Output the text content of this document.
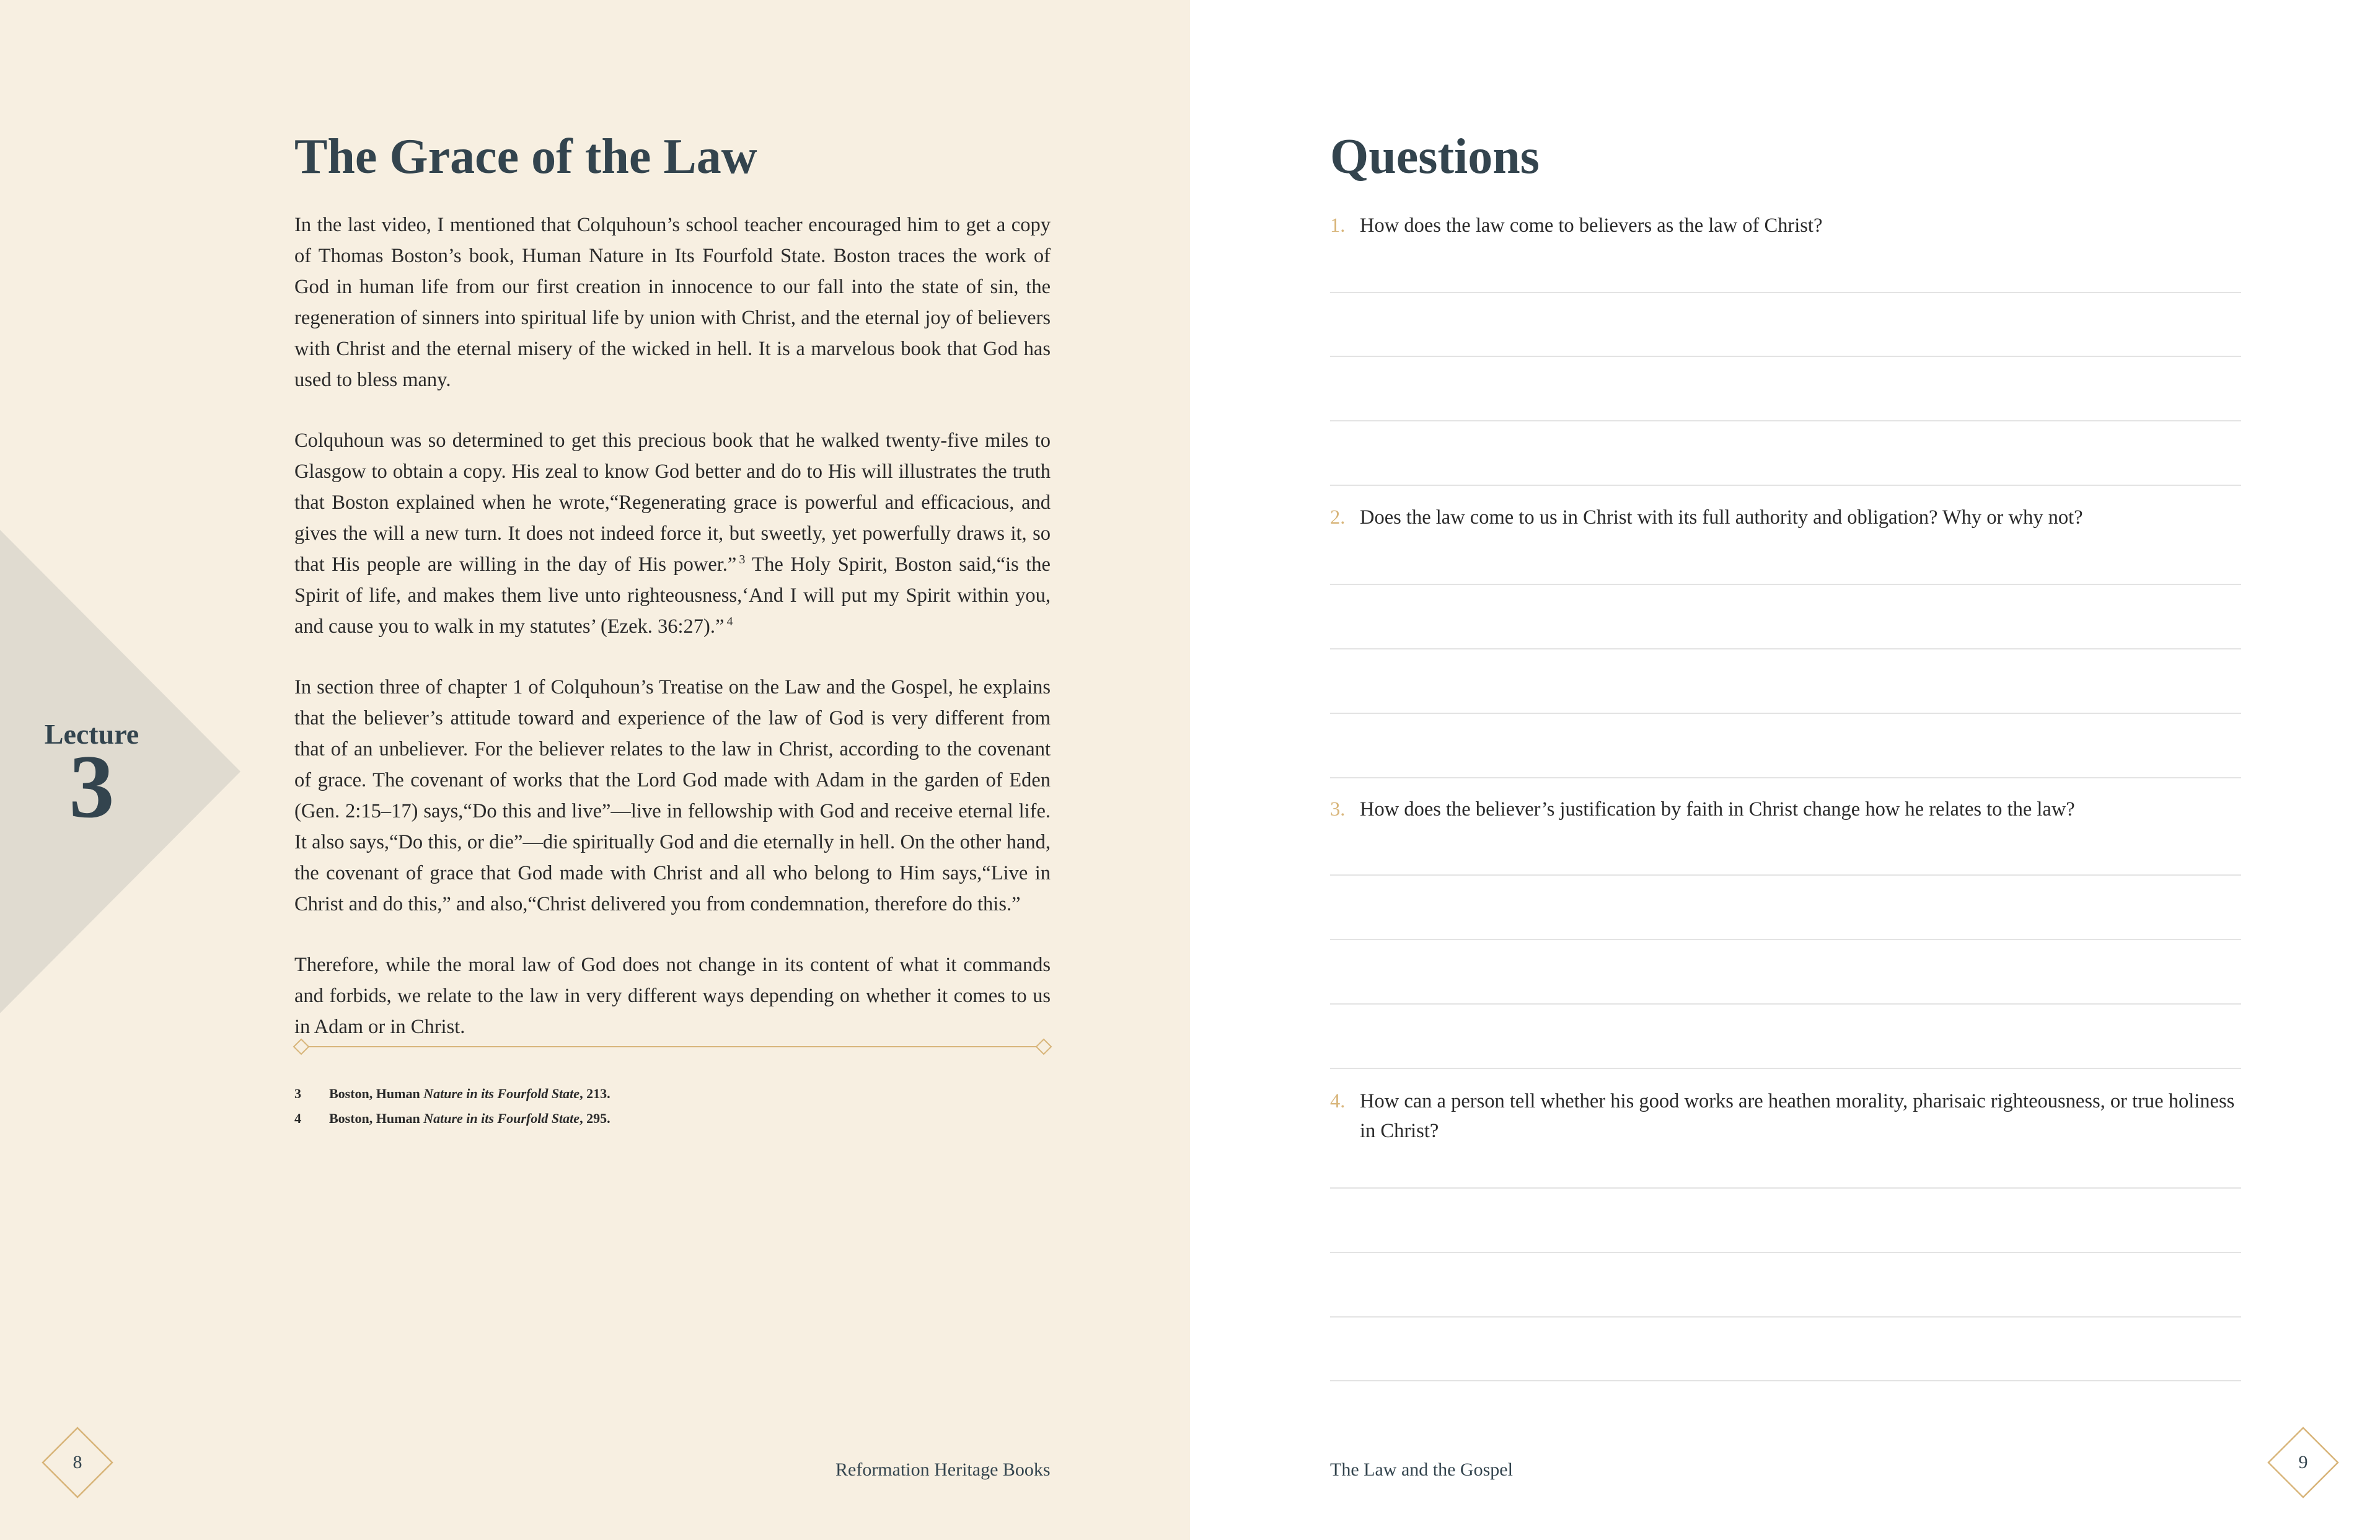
Lecture
3
The Grace of the Law

In the last video, I mentioned that Colquhoun’s school teacher encouraged him to get a copy of Thomas Boston’s book, Human Nature in Its Fourfold State. Boston traces the work of God in human life from our first creation in innocence to our fall into the state of sin, the regeneration of sinners into spiritual life by union with Christ, and the eternal joy of believers with Christ and the eternal misery of the wicked in hell. It is a marvelous book that God has used to bless many.

Colquhoun was so determined to get this precious book that he walked twenty-five miles to Glasgow to obtain a copy. His zeal to know God better and do to His will illustrates the truth that Boston explained when he wrote,“Regenerating grace is powerful and efficacious, and gives the will a new turn. It does not indeed force it, but sweetly, yet powerfully draws it, so that His people are willing in the day of His power.” $^3$ The Holy Spirit, Boston said,“is the Spirit of life, and makes them live unto righteousness,‘And I will put my Spirit within you, and cause you to walk in my statutes’ (Ezek. 36:27).” $^4$

In section three of chapter 1 of Colquhoun’s Treatise on the Law and the Gospel, he explains that the believer’s attitude toward and experience of the law of God is very different from that of an unbeliever. For the believer relates to the law in Christ, according to the covenant of grace. The covenant of works that the Lord God made with Adam in the garden of Eden (Gen. 2:15–17) says,“Do this and live”—live in fellowship with God and receive eternal life. It also says,“Do this, or die”—die spiritually God and die eternally in hell. On the other hand, the covenant of grace that God made with Christ and all who belong to Him says,“Live in Christ and do this,” and also,“Christ delivered you from condemnation, therefore do this.”

Therefore, while the moral law of God does not change in its content of what it commands and forbids, we relate to the law in very different ways depending on whether it comes to us in Adam or in Christ.

3 Boston, Human Nature in its Fourfold State, 213.
4 Boston, Human Nature in its Fourfold State, 295.
8	Reformation Heritage Books
Questions
1. How does the law come to believers as the law of Christ?
2. Does the law come to us in Christ with its full authority and obligation? Why or why not?
3. How does the believer’s justification by faith in Christ change how he relates to the law?
4. How can a person tell whether his good works are heathen morality, pharisaic righteousness, or true holiness in Christ?
The Law and the Gospel	9
